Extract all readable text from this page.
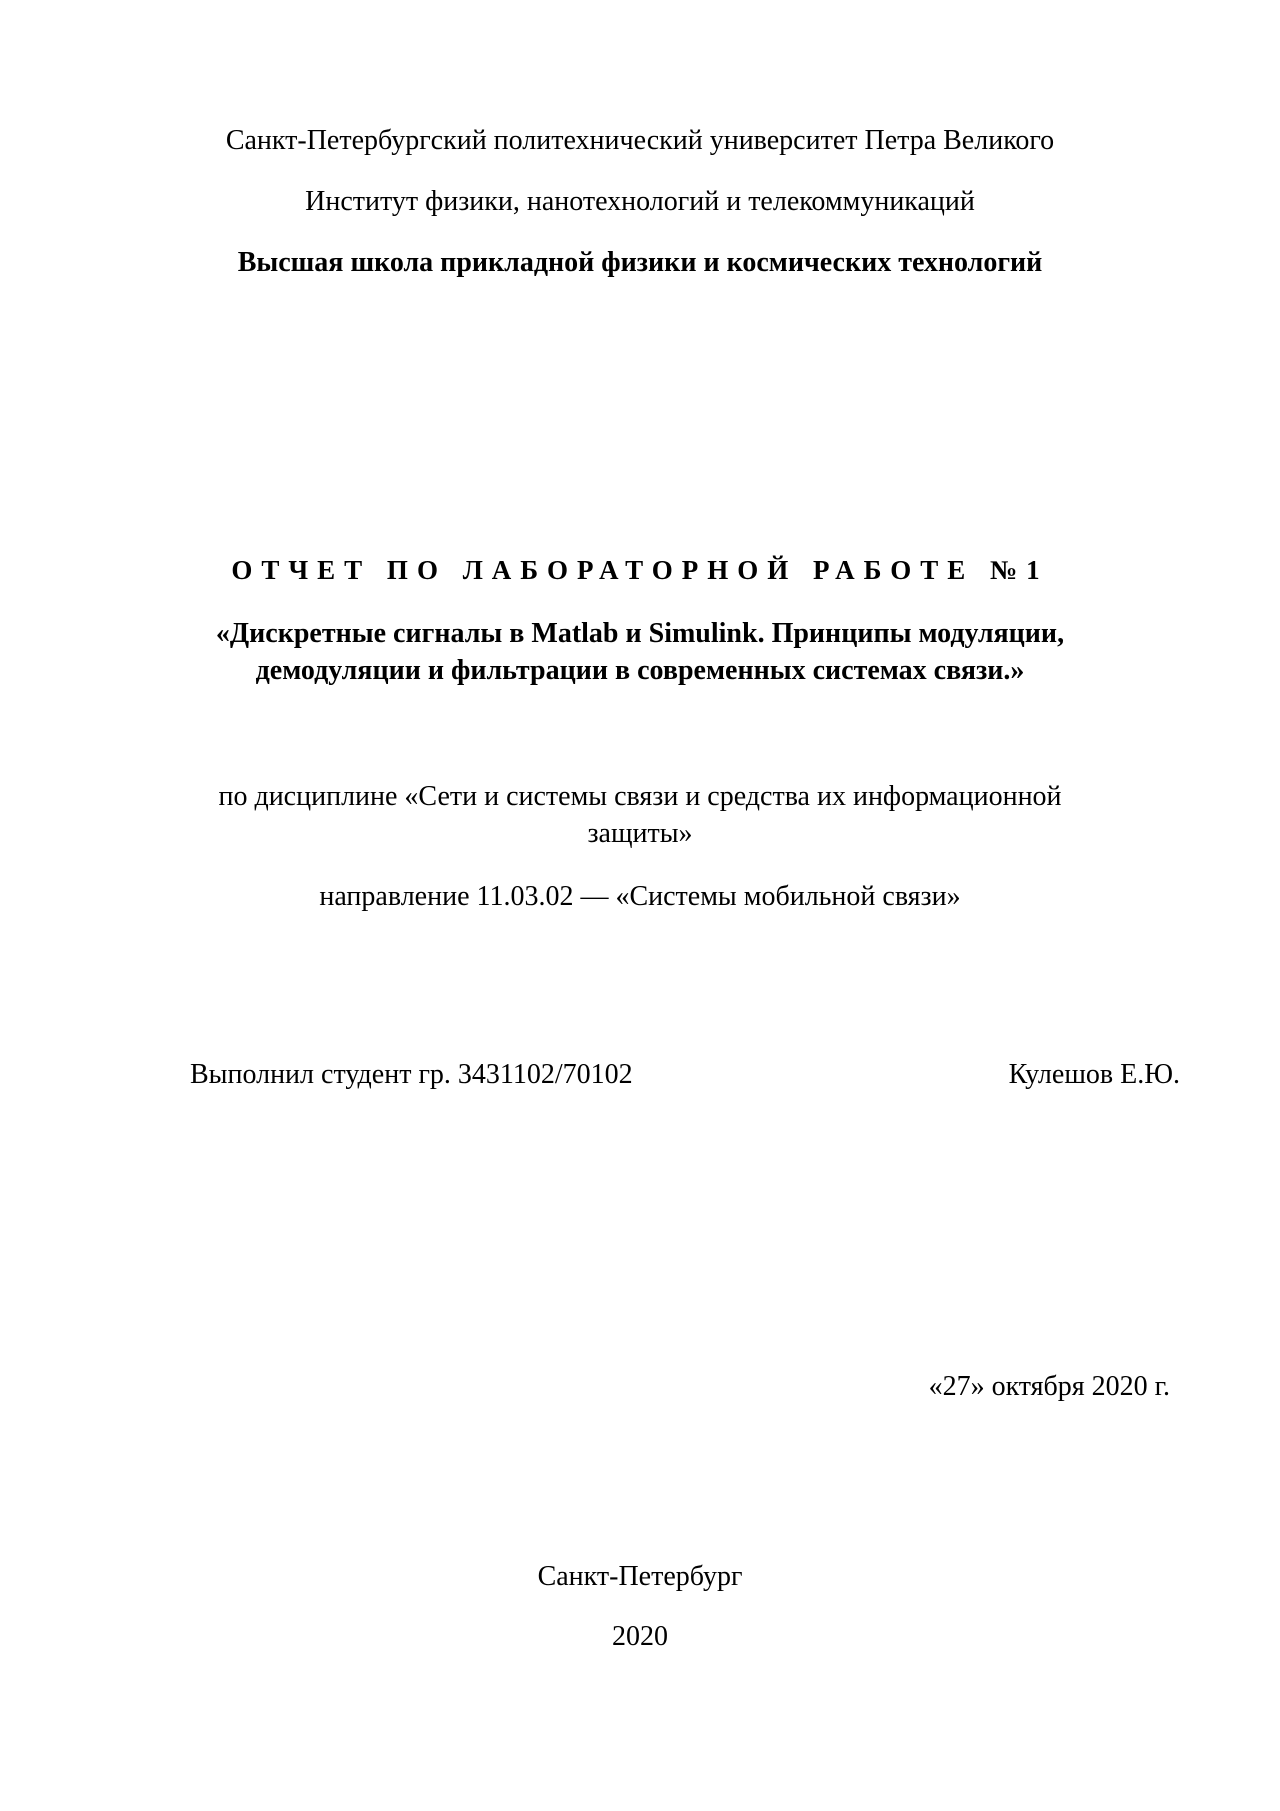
Санкт-Петербургский политехнический университет Петра Великого
Институт физики, нанотехнологий и телекоммуникаций
Высшая школа прикладной физики и космических технологий
ОТЧЕТ ПО ЛАБОРАТОРНОЙ РАБОТЕ №1
«Дискретные сигналы в Matlab и Simulink. Принципы модуляции,
демодуляции и фильтрации в современных системах связи.»
по дисциплине «Сети и системы связи и средства их информационной
защиты»
направление 11.03.02 — «Системы мобильной связи»
Выполнил студент гр. 3431102/70102	Кулешов Е.Ю.
«27» октября 2020 г.
Санкт-Петербург
2020
